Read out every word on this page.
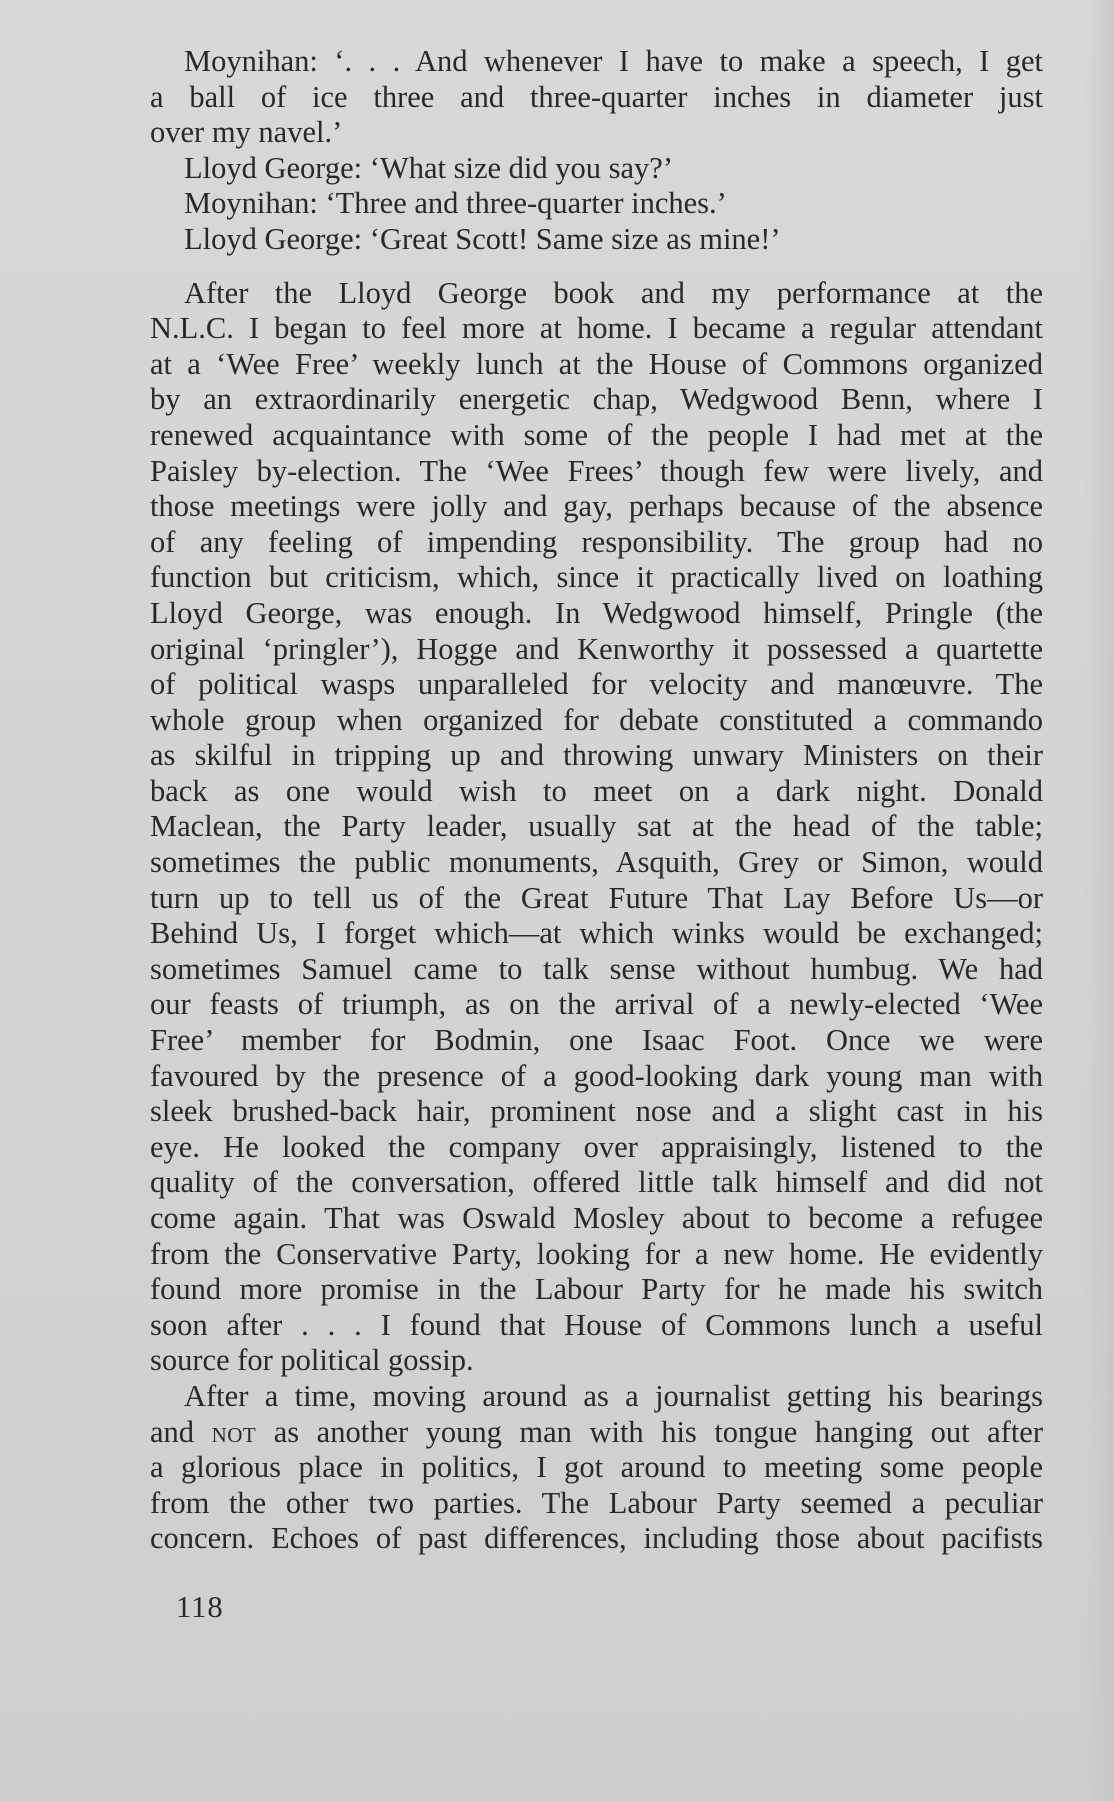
Moynihan: ‘. . . And whenever I have to make a speech, I get
a ball of ice three and three-quarter inches in diameter just
over my navel.’
Lloyd George: ‘What size did you say?’
Moynihan: ‘Three and three-quarter inches.’
Lloyd George: ‘Great Scott! Same size as mine!’
After the Lloyd George book and my performance at the
N.L.C. I began to feel more at home. I became a regular attendant
at a ‘Wee Free’ weekly lunch at the House of Commons organized
by an extraordinarily energetic chap, Wedgwood Benn, where I
renewed acquaintance with some of the people I had met at the
Paisley by-election. The ‘Wee Frees’ though few were lively, and
those meetings were jolly and gay, perhaps because of the absence
of any feeling of impending responsibility. The group had no
function but criticism, which, since it practically lived on loathing
Lloyd George, was enough. In Wedgwood himself, Pringle (the
original ‘pringler’), Hogge and Kenworthy it possessed a quartette
of political wasps unparalleled for velocity and manœuvre. The
whole group when organized for debate constituted a commando
as skilful in tripping up and throwing unwary Ministers on their
back as one would wish to meet on a dark night. Donald
Maclean, the Party leader, usually sat at the head of the table;
sometimes the public monuments, Asquith, Grey or Simon, would
turn up to tell us of the Great Future That Lay Before Us—or
Behind Us, I forget which—at which winks would be exchanged;
sometimes Samuel came to talk sense without humbug. We had
our feasts of triumph, as on the arrival of a newly-elected ‘Wee
Free’ member for Bodmin, one Isaac Foot. Once we were
favoured by the presence of a good-looking dark young man with
sleek brushed-back hair, prominent nose and a slight cast in his
eye. He looked the company over appraisingly, listened to the
quality of the conversation, offered little talk himself and did not
come again. That was Oswald Mosley about to become a refugee
from the Conservative Party, looking for a new home. He evidently
found more promise in the Labour Party for he made his switch
soon after . . . I found that House of Commons lunch a useful
source for political gossip.
After a time, moving around as a journalist getting his bearings
and not as another young man with his tongue hanging out after
a glorious place in politics, I got around to meeting some people
from the other two parties. The Labour Party seemed a peculiar
concern. Echoes of past differences, including those about pacifists
118
